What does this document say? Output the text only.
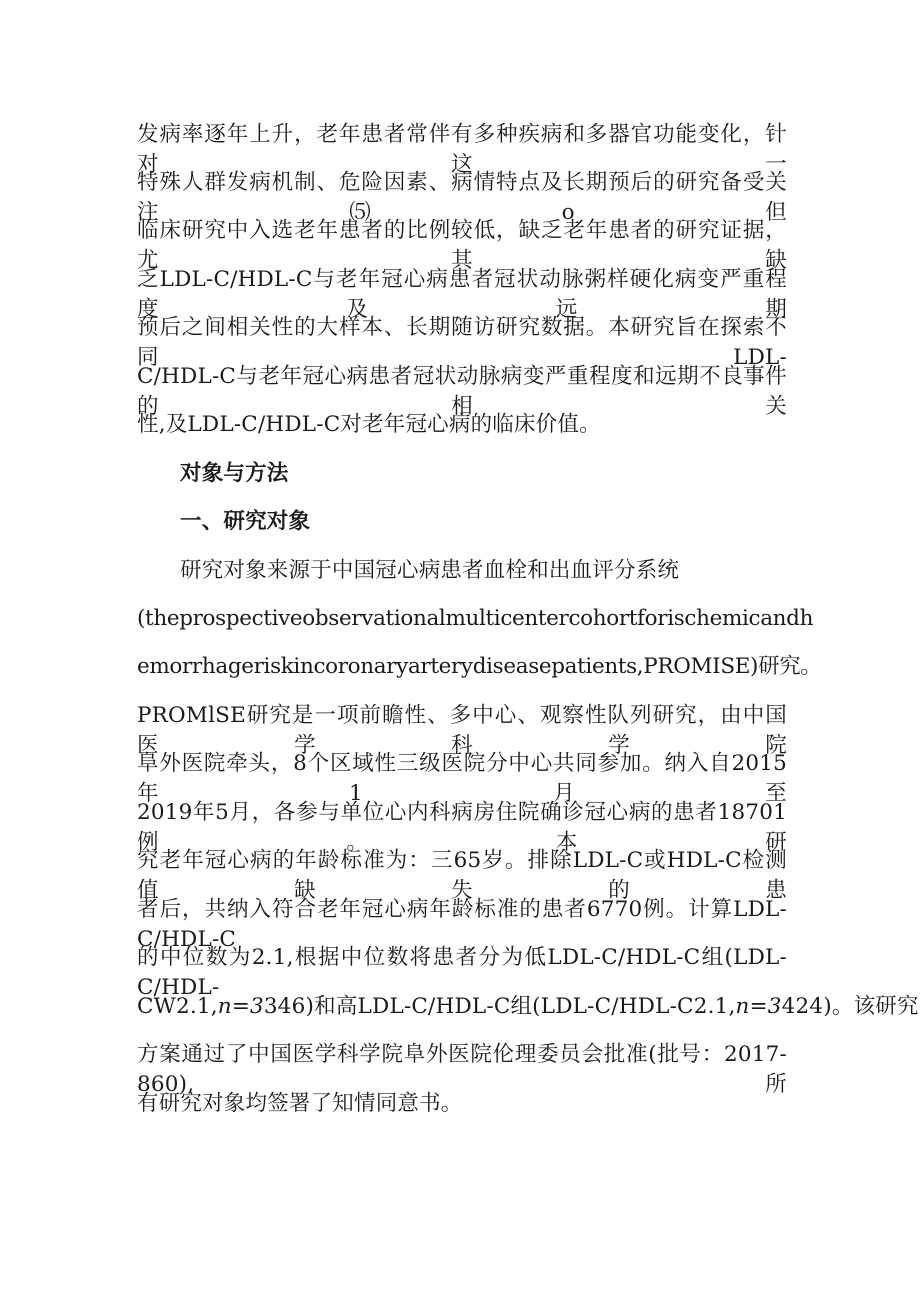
发病率逐年上升，老年患者常伴有多种疾病和多器官功能变化，针对这一
特殊人群发病机制、危险因素、病情特点及长期预后的研究备受关注⑸o但
临床研究中入选老年患者的比例较低，缺乏老年患者的研究证据，尤其缺
乏LDL-C/HDL-C与老年冠心病患者冠状动脉粥样硬化病变严重程度及远期
预后之间相关性的大样本、长期随访研究数据。本研究旨在探索不同LDL-
C/HDL-C与老年冠心病患者冠状动脉病变严重程度和远期不良事件的相关
性,及LDL-C/HDL-C对老年冠心病的临床价值。
对象与方法
一、研究对象
研究对象来源于中国冠心病患者血栓和出血评分系统
(theprospectiveobservationalmulticentercohortforischemicandh
emorrhageriskincoronaryarterydiseasepatients,PROMISE)研究。
PROMlSE研究是一项前瞻性、多中心、观察性队列研究，由中国医学科学院
阜外医院牵头，8个区域性三级医院分中心共同参加。纳入自2015年1月至
2019年5月，各参与单位心内科病房住院确诊冠心病的患者18701例。本研
究老年冠心病的年龄标准为：三65岁。排除LDL-C或HDL-C检测值缺失的患
者后，共纳入符合老年冠心病年龄标准的患者6770例。计算LDL-C/HDL-C
的中位数为2.1,根据中位数将患者分为低LDL-C/HDL-C组(LDL-C/HDL-
CW2.1,n=3346)和高LDL-C/HDL-C组(LDL-C/HDL-C2.1,n=3424)。该研究
方案通过了中国医学科学院阜外医院伦理委员会批准(批号：2017-860),所
有研究对象均签署了知情同意书。
